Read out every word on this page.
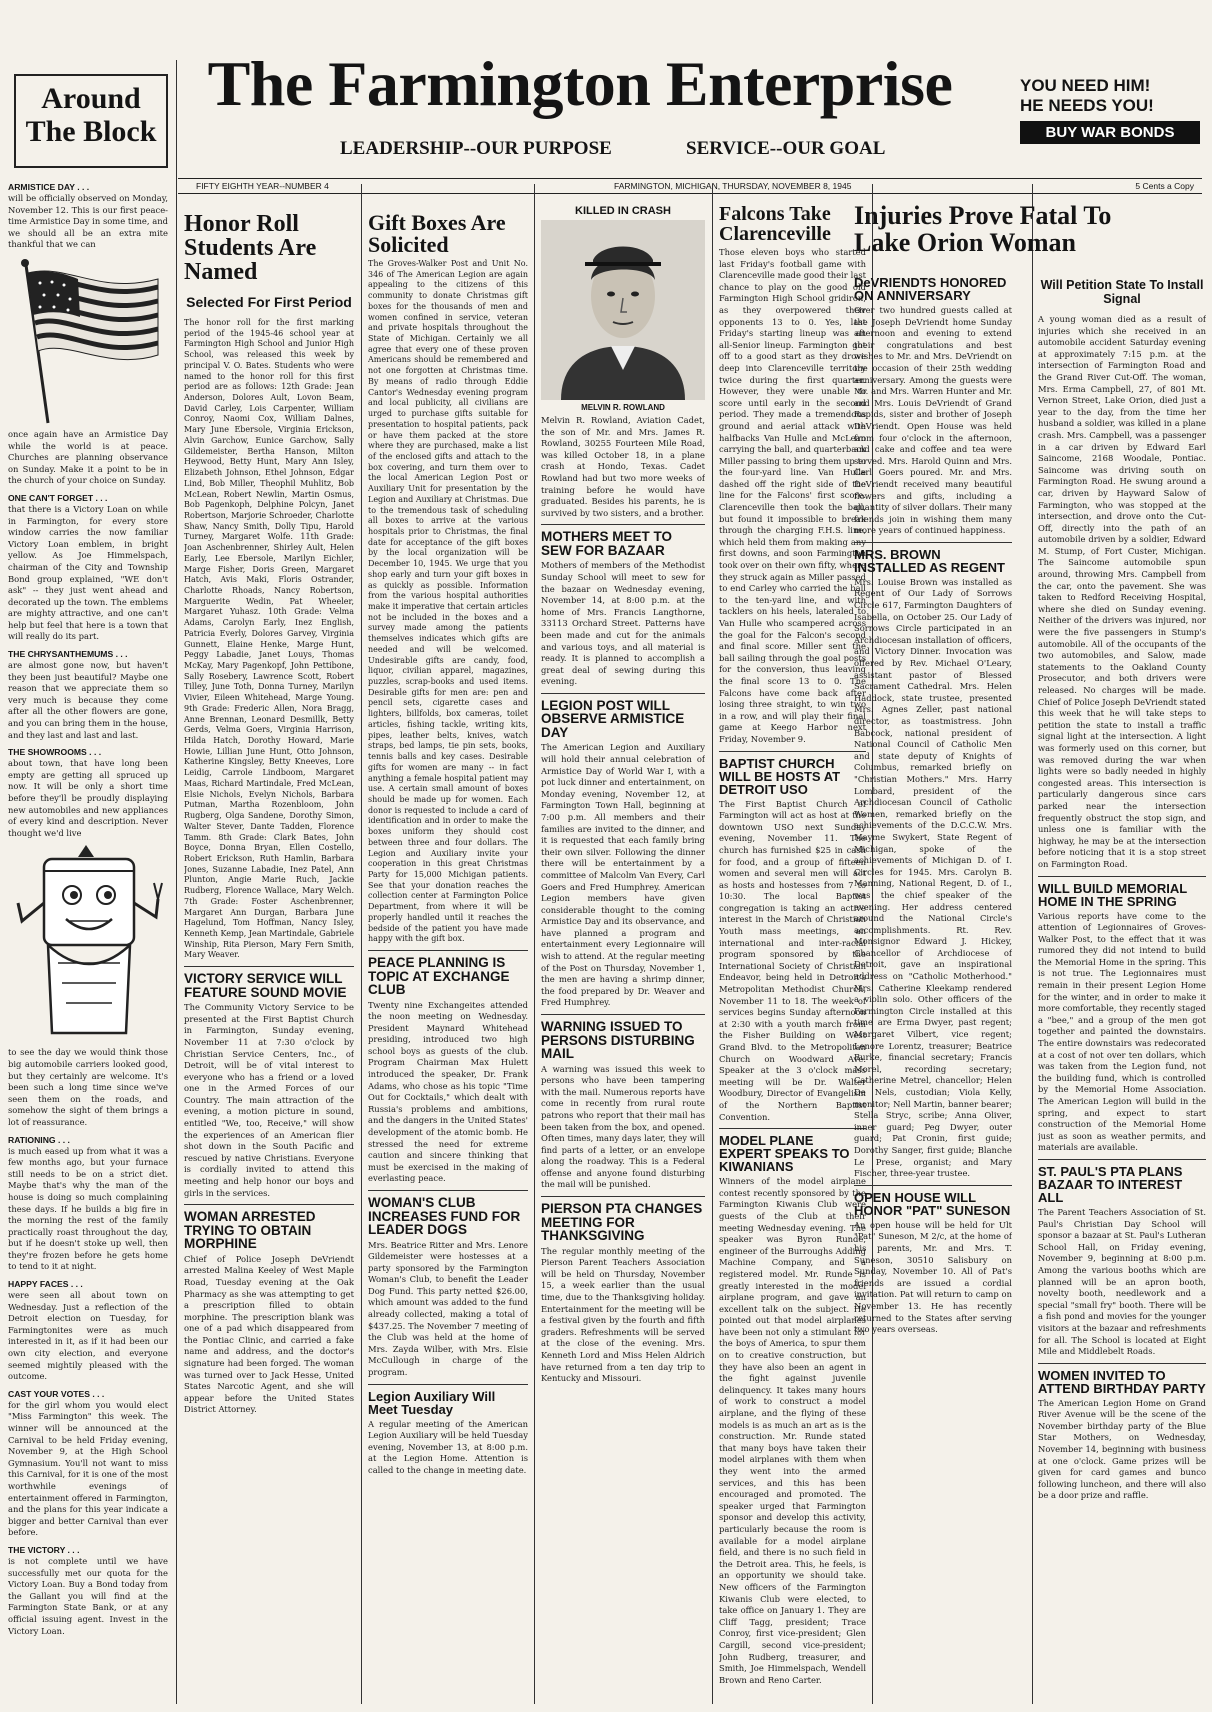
Around
The Block
The Farmington Enterprise
LEADERSHIP--OUR PURPOSE	SERVICE--OUR GOAL
YOU NEED HIM!
HE NEEDS YOU!
BUY WAR BONDS
FIFTY EIGHTH YEAR--NUMBER 4	FARMINGTON, MICHIGAN, THURSDAY, NOVEMBER 8, 1945	5 Cents a Copy
ARMISTICE DAY . . .

will be officially observed on Monday, November 12. This is our first peace-time Armistice Day in some time, and we should all be an extra mite thankful that we can

once again have an Armistice Day while the world is at peace. Churches are planning observance on Sunday. Make it a point to be in the church of your choice on Sunday.

ONE CAN'T FORGET . . .

that there is a Victory Loan on while in Farmington, for every store window carries the now familiar Victory Loan emblem, in bright yellow. As Joe Himmelspach, chairman of the City and Township Bond group explained, "WE don't ask" -- they just went ahead and decorated up the town. The emblems are mighty attractive, and one can't help but feel that here is a town that will really do its part.

THE CHRYSANTHEMUMS . . .

are almost gone now, but haven't they been just beautiful? Maybe one reason that we appreciate them so very much is because they come after all the other flowers are gone, and you can bring them in the house, and they last and last and last.

THE SHOWROOMS . . .

about town, that have long been empty are getting all spruced up now. It will be only a short time before they'll be proudly displaying new automobiles and new appliances of every kind and description. Never thought we'd live

to see the day we would think those big automobile carriers looked good, but they certainly are welcome. It's been such a long time since we've seen them on the roads, and somehow the sight of them brings a lot of reassurance.

RATIONING . . .

is much eased up from what it was a few months ago, but your furnace still needs to be on a strict diet. Maybe that's why the man of the house is doing so much complaining these days. If he builds a big fire in the morning the rest of the family practically roast throughout the day, but if he doesn't stoke up well, then they're frozen before he gets home to tend to it at night.

HAPPY FACES . . .

were seen all about town on Wednesday. Just a reflection of the Detroit election on Tuesday, for Farmingtonites were as much interested in it, as if it had been our own city election, and everyone seemed mightily pleased with the outcome.

CAST YOUR VOTES . . .

for the girl whom you would elect "Miss Farmington" this week. The winner will be announced at the Carnival to be held Friday evening, November 9, at the High School Gymnasium. You'll not want to miss this Carnival, for it is one of the most worthwhile evenings of entertainment offered in Farmington, and the plans for this year indicate a bigger and better Carnival than ever before.

THE VICTORY . . .

is not complete until we have successfully met our quota for the Victory Loan. Buy a Bond today from the Gallant you will find at the Farmington State Bank, or at any official issuing agent. Invest in the Victory Loan.

Honor Roll Students Are Named
Selected For First Period

The honor roll for the first marking period of the 1945-46 school year at Farmington High School and Junior High School, was released this week by principal V. O. Bates. Students who were named to the honor roll for this first period are as follows: 12th Grade: Jean Anderson, Dolores Ault, Lovon Beam, David Carley, Lois Carpenter, William Conroy, Naomi Cox, William Dalnes, Mary June Ebersole, Virginia Erickson, Alvin Garchow, Eunice Garchow, Sally Gildemeister, Bertha Hanson, Milton Heywood, Betty Hunt, Mary Ann Isley, Elizabeth Johnson, Ethel Johnson, Edgar Lind, Bob Miller, Theophil Muhlitz, Bob McLean, Robert Newlin, Martin Osmus, Bob Pagenkoph, Delphine Polcyn, Janet Robertson, Marjorie Schroeder, Charlotte Shaw, Nancy Smith, Dolly Tipu, Harold Turney, Margaret Wolfe. 11th Grade: Joan Aschenbrenner, Shirley Ault, Helen Early, Lee Ebersole, Marilyn Eichler, Marge Fisher, Doris Green, Margaret Hatch, Avis Maki, Floris Ostrander, Charlotte Rhoads, Nancy Robertson, Marguerite Wedin, Pat Wheeler, Margaret Yuhasz. 10th Grade: Velma Adams, Carolyn Early, Inez English, Patricia Everly, Dolores Garvey, Virginia Gunnett, Elaine Henke, Marge Hunt, Peggy Labadie, Janet Louys, Thomas McKay, Mary Pagenkopf, John Pettibone, Sally Rosebery, Lawrence Scott, Robert Tilley, June Toth, Donna Turney, Marilyn Vivier, Eileen Whitehead, Marge Young. 9th Grade: Frederic Allen, Nora Bragg, Anne Brennan, Leonard Desmillk, Betty Gerds, Velma Goers, Virginia Harrison, Hilda Hatch, Dorothy Howard, Marie Howie, Lillian June Hunt, Otto Johnson, Katherine Kingsley, Betty Kneeves, Lore Leidig, Carrole Lindboom, Margaret Maas, Richard Martindale, Fred McLean, Elsie Nichols, Evelyn Nichols, Barbara Putman, Martha Rozenbloom, John Rugberg, Olga Sandene, Dorothy Simon, Walter Stever, Dante Tadden, Florence Tamm. 8th Grade: Clark Bates, John Boyce, Donna Bryan, Ellen Costello, Robert Erickson, Ruth Hamlin, Barbara Jones, Suzanne Labadie, Inez Patel, Ann Plunton, Angie Marie Ruch, Jackie Rudberg, Florence Wallace, Mary Welch. 7th Grade: Foster Aschenbrenner, Margaret Ann Durgan, Barbara June Hagelund, Tom Hoffman, Nancy Isley, Kenneth Kemp, Jean Martindale, Gabriele Winship, Rita Pierson, Mary Fern Smith, Mary Weaver.

VICTORY SERVICE WILL FEATURE SOUND MOVIE

The Community Victory Service to be presented at the First Baptist Church in Farmington, Sunday evening, November 11 at 7:30 o'clock by Christian Service Centers, Inc., of Detroit, will be of vital interest to everyone who has a friend or a loved one in the Armed Forces of our Country. The main attraction of the evening, a motion picture in sound, entitled "We, too, Receive," will show the experiences of an American flier shot down in the South Pacific and rescued by native Christians. Everyone is cordially invited to attend this meeting and help honor our boys and girls in the services.

WOMAN ARRESTED TRYING TO OBTAIN MORPHINE

Chief of Police Joseph DeVriendt arrested Malina Keeley of West Maple Road, Tuesday evening at the Oak Pharmacy as she was attempting to get a prescription filled to obtain morphine. The prescription blank was one of a pad which disappeared from the Pontiac Clinic, and carried a fake name and address, and the doctor's signature had been forged. The woman was turned over to Jack Hesse, United States Narcotic Agent, and she will appear before the United States District Attorney.

Gift Boxes Are Solicited

The Groves-Walker Post and Unit No. 346 of The American Legion are again appealing to the citizens of this community to donate Christmas gift boxes for the thousands of men and women confined in service, veteran and private hospitals throughout the State of Michigan. Certainly we all agree that every one of these proven Americans should be remembered and not one forgotten at Christmas time. By means of radio through Eddie Cantor's Wednesday evening program and local publicity, all civilians are urged to purchase gifts suitable for presentation to hospital patients, pack or have them packed at the store where they are purchased, make a list of the enclosed gifts and attach to the box covering, and turn them over to the local American Legion Post or Auxiliary Unit for presentation by the Legion and Auxiliary at Christmas. Due to the tremendous task of scheduling all boxes to arrive at the various hospitals prior to Christmas, the final date for acceptance of the gift boxes by the local organization will be December 10, 1945. We urge that you shop early and turn your gift boxes in as quickly as possible. Information from the various hospital authorities make it imperative that certain articles not be included in the boxes and a survey made among the patients themselves indicates which gifts are needed and will be welcomed. Undesirable gifts are candy, food, liquor, civilian apparel, magazines, puzzles, scrap-books and used items. Desirable gifts for men are: pen and pencil sets, cigarette cases and lighters, billfolds, box cameras, toilet articles, fishing tackle, writing kits, pipes, leather belts, knives, watch straps, bed lamps, tie pin sets, books, tennis balls and key cases. Desirable gifts for women are many -- in fact anything a female hospital patient may use. A certain small amount of boxes should be made up for women. Each donor is requested to include a card of identification and in order to make the boxes uniform they should cost between three and four dollars. The Legion and Auxiliary invite your cooperation in this great Christmas Party for 15,000 Michigan patients. See that your donation reaches the collection center at Farmington Police Department, from where it will be properly handled until it reaches the bedside of the patient you have made happy with the gift box.

PEACE PLANNING IS TOPIC AT EXCHANGE CLUB

Twenty nine Exchangeites attended the noon meeting on Wednesday. President Maynard Whitehead presiding, introduced two high school boys as guests of the club. Program Chairman Max Hulett introduced the speaker, Dr. Frank Adams, who chose as his topic "Time Out for Cocktails," which dealt with Russia's problems and ambitions, and the dangers in the United States' development of the atomic bomb. He stressed the need for extreme caution and sincere thinking that must be exercised in the making of everlasting peace.

WOMAN'S CLUB INCREASES FUND FOR LEADER DOGS

Mrs. Beatrice Ritter and Mrs. Lenore Gildemeister were hostesses at a party sponsored by the Farmington Woman's Club, to benefit the Leader Dog Fund. This party netted $26.00, which amount was added to the fund already collected, making a total of $437.25. The November 7 meeting of the Club was held at the home of Mrs. Zayda Wilber, with Mrs. Elsie McCullough in charge of the program.

Legion Auxiliary Will Meet Tuesday

A regular meeting of the American Legion Auxiliary will be held Tuesday evening, November 13, at 8:00 p.m. at the Legion Home. Attention is called to the change in meeting date.

KILLED IN CRASH
MELVIN R. ROWLAND

Melvin R. Rowland, Aviation Cadet, the son of Mr. and Mrs. James R. Rowland, 30255 Fourteen Mile Road, was killed October 18, in a plane crash at Hondo, Texas. Cadet Rowland had but two more weeks of training before he would have graduated. Besides his parents, he is survived by two sisters, and a brother.

MOTHERS MEET TO SEW FOR BAZAAR

Mothers of members of the Methodist Sunday School will meet to sew for the bazaar on Wednesday evening, November 14, at 8:00 p.m. at the home of Mrs. Francis Langthorne, 33113 Orchard Street. Patterns have been made and cut for the animals and various toys, and all material is ready. It is planned to accomplish a great deal of sewing during this evening.

LEGION POST WILL OBSERVE ARMISTICE DAY

The American Legion and Auxiliary will hold their annual celebration of Armistice Day of World War I, with a pot luck dinner and entertainment, on Monday evening, November 12, at Farmington Town Hall, beginning at 7:00 p.m. All members and their families are invited to the dinner, and it is requested that each family bring their own silver. Following the dinner there will be entertainment by a committee of Malcolm Van Every, Carl Goers and Fred Humphrey. American Legion members have given considerable thought to the coming Armistice Day and its observance, and have planned a program and entertainment every Legionnaire will wish to attend. At the regular meeting of the Post on Thursday, November 1, the men are having a shrimp dinner, the food prepared by Dr. Weaver and Fred Humphrey.

WARNING ISSUED TO PERSONS DISTURBING MAIL

A warning was issued this week to persons who have been tampering with the mail. Numerous reports have come in recently from rural route patrons who report that their mail has been taken from the box, and opened. Often times, many days later, they will find parts of a letter, or an envelope along the roadway. This is a Federal offense and anyone found disturbing the mail will be punished.

PIERSON PTA CHANGES MEETING FOR THANKSGIVING

The regular monthly meeting of the Pierson Parent Teachers Association will be held on Thursday, November 15, a week earlier than the usual time, due to the Thanksgiving holiday. Entertainment for the meeting will be a festival given by the fourth and fifth graders. Refreshments will be served at the close of the evening. Mrs. Kenneth Lord and Miss Helen Aldrich have returned from a ten day trip to Kentucky and Missouri.

Falcons Take Clarenceville

Those eleven boys who started last Friday's football game with Clarenceville made good their last chance to play on the good old Farmington High School gridiron, as they overpowered their opponents 13 to 0. Yes, last Friday's starting lineup was an all-Senior lineup. Farmington got off to a good start as they drove deep into Clarenceville territory twice during the first quarter. However, they were unable to score until early in the second period. They made a tremendous ground and aerial attack with halfbacks Van Hulle and McLean carrying the ball, and quarterback Miller passing to bring them up to the four-yard line. Van Hulle dashed off the right side of the line for the Falcons' first score. Clarenceville then took the ball, but found it impossible to break through the charging F.H.S. line, which held them from making any first downs, and soon Farmington took over on their own fifty, where they struck again as Miller passed to end Carley who carried the ball to the ten-yard line, and with tacklers on his heels, lateraled to Van Hulle who scampered across the goal for the Falcon's second and final score. Miller sent the ball sailing through the goal posts for the conversion, thus leaving the final score 13 to 0. The Falcons have come back after losing three straight, to win two in a row, and will play their final game at Keego Harbor next Friday, November 9.

BAPTIST CHURCH WILL BE HOSTS AT DETROIT USO

The First Baptist Church of Farmington will act as host at the downtown USO next Sunday evening, November 11. The church has furnished $25 in cash for food, and a group of fifteen women and several men will act as hosts and hostesses from 7 to 10:30. The local Baptist congregation is taking an active interest in the March of Christian Youth mass meetings, an international and inter-racial program sponsored by the International Society of Christian Endeavor, being held in Detroit's Metropolitan Methodist Church, November 11 to 18. The week of services begins Sunday afternoon at 2:30 with a youth march from the Fisher Building on West Grand Blvd. to the Metropolitan Church on Woodward Ave. Speaker at the 3 o'clock mass meeting will be Dr. Walter Woodbury, Director of Evangelism of the Northern Baptist Convention.

MODEL PLANE EXPERT SPEAKS TO KIWANIANS

Winners of the model airplane contest recently sponsored by the Farmington Kiwanis Club were guests of the Club at their meeting Wednesday evening. The speaker was Byron Runde, engineer of the Burroughs Adding Machine Company, and a registered model. Mr. Runde is greatly interested in the model airplane program, and gave an excellent talk on the subject. He pointed out that model airplanes have been not only a stimulant for the boys of America, to spur them on to creative construction, but they have also been an agent in the fight against juvenile delinquency. It takes many hours of work to construct a model airplane, and the flying of these models is as much an art as is the construction. Mr. Runde stated that many boys have taken their model airplanes with them when they went into the armed services, and this has been encouraged and promoted. The speaker urged that Farmington sponsor and develop this activity, particularly because the room is available for a model airplane field, and there is no such field in the Detroit area. This, he feels, is an opportunity we should take. New officers of the Farmington Kiwanis Club were elected, to take office on January 1. They are Cliff Tagg, president; Trace Conroy, first vice-president; Glen Cargill, second vice-president; John Rudberg, treasurer, and Smith, Joe Himmelspach, Wendell Brown and Reno Carter.

Injuries Prove Fatal To Lake Orion Woman
DeVRIENDTS HONORED ON ANNIVERSARY

Over two hundred guests called at the Joseph DeVriendt home Sunday afternoon and evening to extend their congratulations and best wishes to Mr. and Mrs. DeVriendt on the occasion of their 25th wedding anniversary. Among the guests were Mr. and Mrs. Warren Hunter and Mr. and Mrs. Louis DeVriendt of Grand Rapids, sister and brother of Joseph DeVriendt. Open House was held from four o'clock in the afternoon, and cake and coffee and tea were served. Mrs. Harold Quinn and Mrs. Carl Goers poured. Mr. and Mrs. DeVriendt received many beautiful flowers and gifts, including a quantity of silver dollars. Their many friends join in wishing them many more years of continued happiness.

MRS. BROWN INSTALLED AS REGENT

Mrs. Louise Brown was installed as Regent of Our Lady of Sorrows Circle 617, Farmington Daughters of Isabella, on October 25. Our Lady of Sorrows Circle participated in an Archdiocesan installation of officers, and Victory Dinner. Invocation was offered by Rev. Michael O'Leary, assistant pastor of Blessed Sacrament Cathedral. Mrs. Helen Haddock, state trustee, presented Mrs. Agnes Zeller, past national director, as toastmistress. John Babcock, national president of National Council of Catholic Men and state deputy of Knights of Columbus, remarked briefly on "Christian Mothers." Mrs. Harry Lombard, president of the Archdiocesan Council of Catholic Women, remarked briefly on the achievements of the D.C.C.W. Mrs. Mayme Swykert, State Regent of Michigan, spoke of the achievements of Michigan D. of I. Circles for 1945. Mrs. Carolyn B. Manning, National Regent, D. of I., was the chief speaker of the evening. Her address centered around the National Circle's accomplishments. Rt. Rev. Monsignor Edward J. Hickey, Chancellor of Archdiocese of Detroit, gave an inspirational address on "Catholic Motherhood." Mrs. Catherine Kleekamp rendered a violin solo. Other officers of the Farmington Circle installed at this time are Erma Dwyer, past regent; Margaret Vilbert, vice regent; Lenore Lorentz, treasurer; Beatrice Burke, financial secretary; Francis Morel, recording secretary; Catherine Metrel, chancellor; Helen De Nels, custodian; Viola Kelly, monitor; Nell Martin, banner bearer; Stella Stryc, scribe; Anna Oliver, inner guard; Peg Dwyer, outer guard; Pat Cronin, first guide; Dorothy Sanger, first guide; Blanche Le Prese, organist; and Mary Fischer, three-year trustee.

OPEN HOUSE WILL HONOR "PAT" SUNESON

An open house will be held for Ult "Pat" Suneson, M 2/c, at the home of his parents, Mr. and Mrs. T. Suneson, 30510 Salisbury on Sunday, November 10. All of Pat's friends are issued a cordial invitation. Pat will return to camp on November 13. He has recently returned to the States after serving two years overseas.

Will Petition State To Install Signal

A young woman died as a result of injuries which she received in an automobile accident Saturday evening at approximately 7:15 p.m. at the intersection of Farmington Road and the Grand River Cut-Off. The woman, Mrs. Erma Campbell, 27, of 801 Mt. Vernon Street, Lake Orion, died just a year to the day, from the time her husband a soldier, was killed in a plane crash. Mrs. Campbell, was a passenger in a car driven by Edward Earl Saincome, 2168 Woodale, Pontiac. Saincome was driving south on Farmington Road. He swung around a car, driven by Hayward Salow of Farmington, who was stopped at the intersection, and drove onto the Cut-Off, directly into the path of an automobile driven by a soldier, Edward M. Stump, of Fort Custer, Michigan. The Saincome automobile spun around, throwing Mrs. Campbell from the car, onto the pavement. She was taken to Redford Receiving Hospital, where she died on Sunday evening. Neither of the drivers was injured, nor were the five passengers in Stump's automobile. All of the occupants of the two automobiles, and Salow, made statements to the Oakland County Prosecutor, and both drivers were released. No charges will be made. Chief of Police Joseph DeVriendt stated this week that he will take steps to petition the state to install a traffic signal light at the intersection. A light was formerly used on this corner, but was removed during the war when lights were so badly needed in highly congested areas. This intersection is particularly dangerous since cars parked near the intersection frequently obstruct the stop sign, and unless one is familiar with the highway, he may be at the intersection before noticing that it is a stop street on Farmington Road.

WILL BUILD MEMORIAL HOME IN THE SPRING

Various reports have come to the attention of Legionnaires of Groves-Walker Post, to the effect that it was rumored they did not intend to build the Memorial Home in the spring. This is not true. The Legionnaires must remain in their present Legion Home for the winter, and in order to make it more comfortable, they recently staged a "bee," and a group of the men got together and painted the downstairs. The entire downstairs was redecorated at a cost of not over ten dollars, which was taken from the Legion fund, not the building fund, which is controlled by the Memorial Home Association. The American Legion will build in the spring, and expect to start construction of the Memorial Home just as soon as weather permits, and materials are available.

ST. PAUL'S PTA PLANS BAZAAR TO INTEREST ALL

The Parent Teachers Association of St. Paul's Christian Day School will sponsor a bazaar at St. Paul's Lutheran School Hall, on Friday evening, November 9, beginning at 8:00 p.m. Among the various booths which are planned will be an apron booth, novelty booth, needlework and a special "small fry" booth. There will be a fish pond and movies for the younger visitors at the bazaar and refreshments for all. The School is located at Eight Mile and Middlebelt Roads.

WOMEN INVITED TO ATTEND BIRTHDAY PARTY

The American Legion Home on Grand River Avenue will be the scene of the November birthday party of the Blue Star Mothers, on Wednesday, November 14, beginning with business at one o'clock. Game prizes will be given for card games and bunco following luncheon, and there will also be a door prize and raffle.
